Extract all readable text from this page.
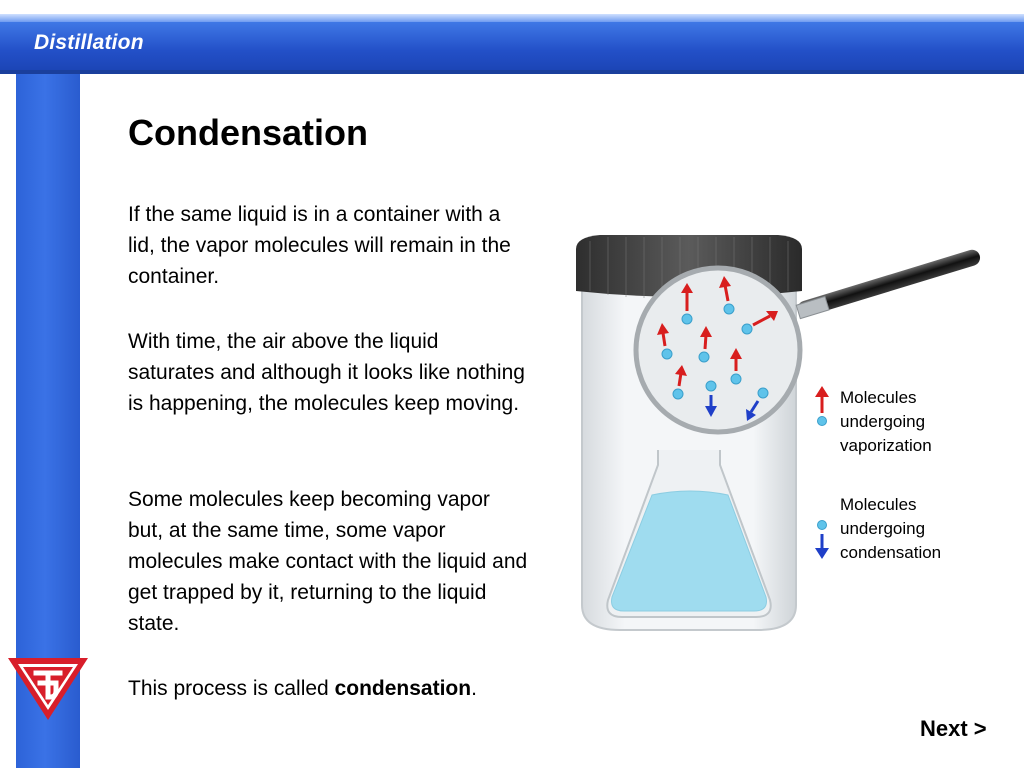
Distillation
Condensation

If the same liquid is in a container with a lid, the vapor molecules will remain in the container.

With time, the air above the liquid saturates and although it looks like nothing is happening, the molecules keep moving.

Some molecules keep becoming vapor but, at the same time, some vapor molecules make contact with the liquid and get trapped by it, returning to the liquid state.

This process is called condensation.

Molecules
undergoing
vaporization
Molecules
undergoing
condensation
Next >
